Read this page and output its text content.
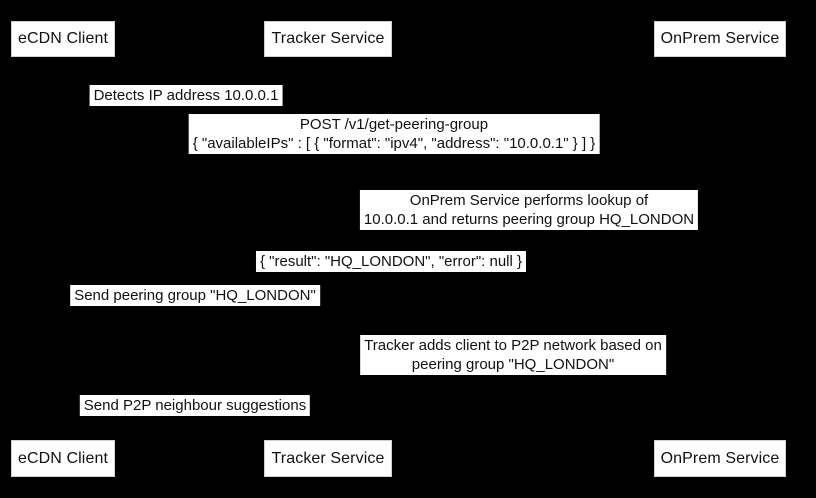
eCDN Client	Tracker Service	OnPrem Service
Detects IP address 10.0.0.1
POST /v1/get-peering-group
{ "availableIPs" : [ { "format": "ipv4", "address": "10.0.0.1" } ] }
OnPrem Service performs lookup of
10.0.0.1 and returns peering group HQ_LONDON
{ "result": "HQ_LONDON", "error": null }
Send peering group "HQ_LONDON"
Tracker adds client to P2P network based on
peering group "HQ_LONDON"
Send P2P neighbour suggestions
eCDN Client	Tracker Service	OnPrem Service
